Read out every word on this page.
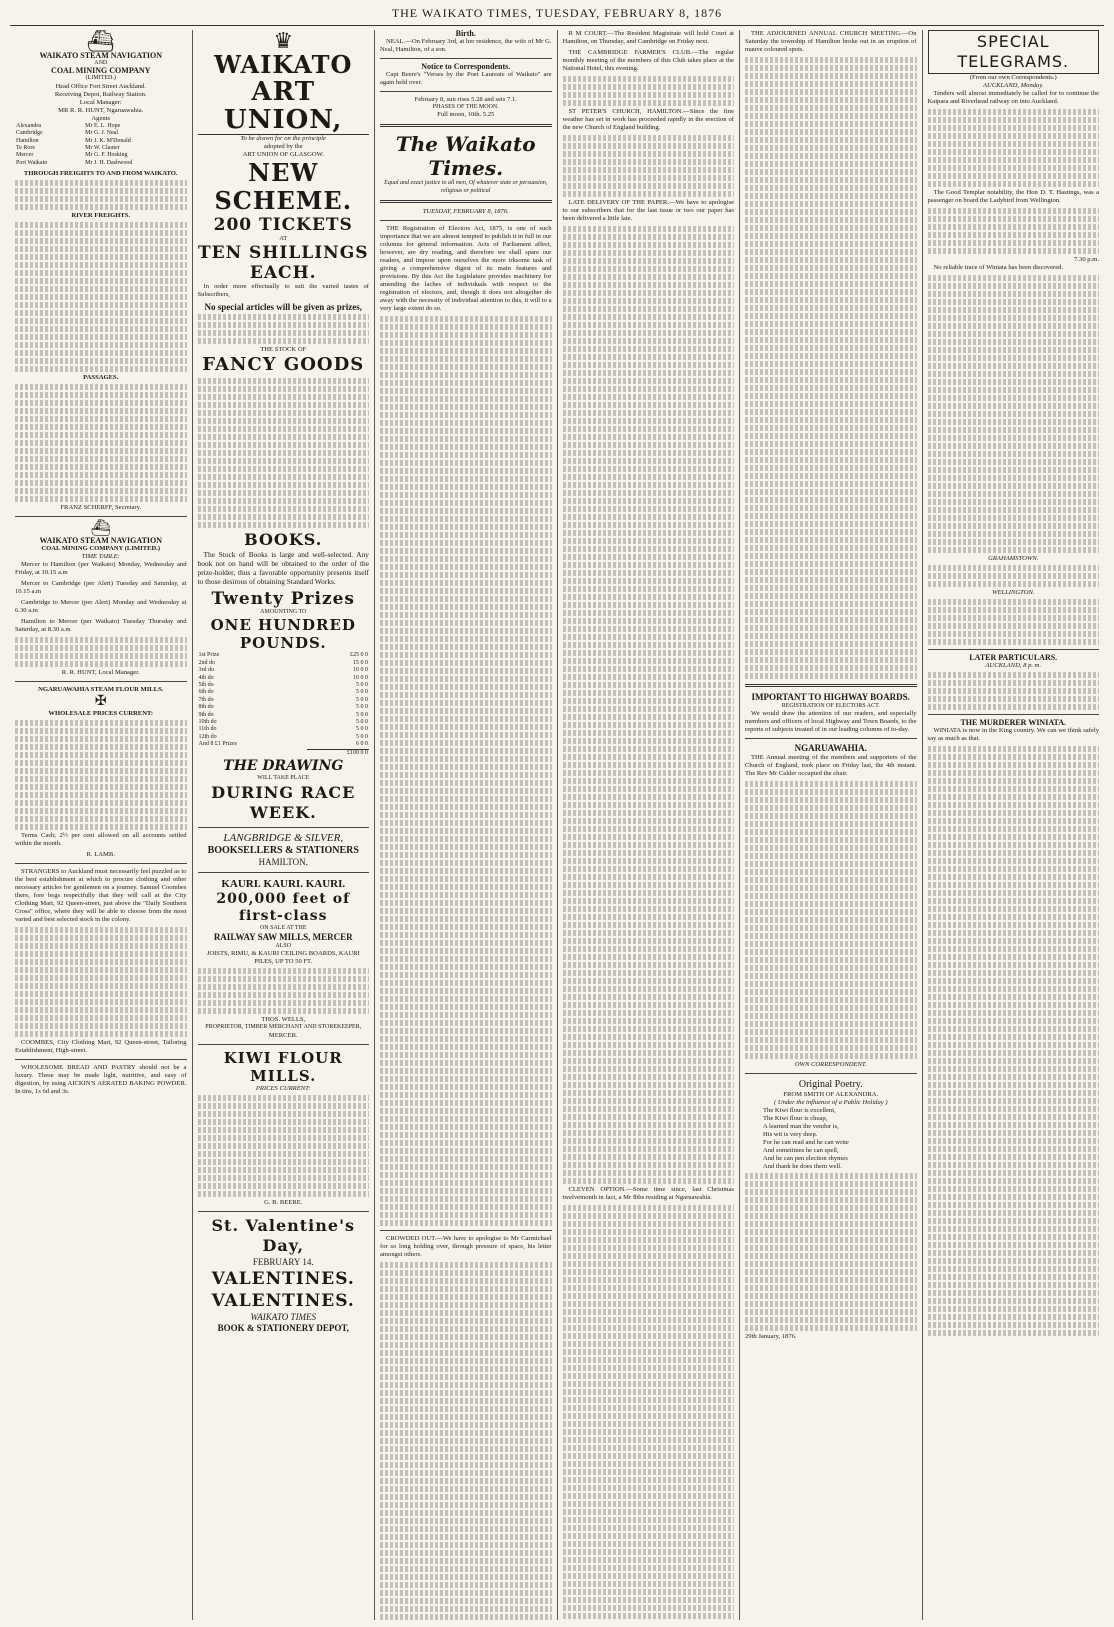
THE WAIKATO TIMES, TUESDAY, FEBRUARY 8, 1876
⛴
WAIKATO STEAM NAVIGATION
AND
COAL MINING COMPANY
(LIMITED.)
Head Office Fort Street Auckland.
Receiving Depot, Railway Station.
Local Manager:
MR R. R. HUNT, Ngaruawahia.
Agents
Alexandra	Mr E. L. Hope
Cambridge	Mr G. J. Neal
Hamilton	Mr J. K. M'Donald
Te Rore	Mr W. Clauter
Mercer	Mr G. F. Hosking
Port Waikato	Mr J. H. Dashwood
THROUGH FREIGHTS TO AND FROM WAIKATO.
RIVER FREIGHTS.
PASSAGES.
FRANZ SCHERFF, Secretary.
⛴
WAIKATO STEAM NAVIGATION
COAL MINING COMPANY (LIMITED.)
TIME TABLE:

Mercer to Hamilton (per Waikato) Monday, Wednesday and Friday, at 10.15 a.m

Mercer to Cambridge (per Alert) Tuesday and Saturday, at 10.15 a.m

Cambridge to Mercer (per Alert) Monday and Wednesday at 6.30 a.m

Hamilton to Mercer (per Waikato) Tuesday Thursday and Saturday, at 8.30 a.m

R. R. HUNT, Local Manager.
NGARUAWAHIA STEAM FLOUR MILLS.
✠
WHOLESALE PRICES CURRENT:

Terms Cash; 2½ per cent allowed on all accounts settled within the month.

R. LAMB.

STRANGERS to Auckland must necessarily feel puzzled as to the best establishment at which to procure clothing and other necessary articles for gentlemen on a journey. Samuel Coombes there, fore begs respectfully that they will call at the City Clothing Mart, 92 Queen-street, just above the "Daily Southern Cross" office, where they will be able to choose from the most varied and best selected stock in the colony.

COOMBES, City Clothing Mart, 92 Queen-street, Tailoring Establishment, High-street.

WHOLESOME BREAD AND PASTRY should not be a luxury. These may be made light, nutritive, and easy of digestion, by using AICKIN'S AERATED BAKING POWDER. In tins, 1s 6d and 3s.

♛
WAIKATO
ART UNION,
To be drawn for on the principle
adopted by the
ART UNION OF GLASGOW.
NEW SCHEME.
200 TICKETS
AT
TEN SHILLINGS EACH.

In order more effectually to suit the varied tastes of Subscribers,

No special articles will be given as prizes,
THE STOCK OF
FANCY GOODS
BOOKS.

The Stock of Books is large and well-selected. Any book not on hand will be obtained to the order of the prize-holder, thus a favorable opportunity presents itself to those desirous of obtaining Standard Works.

Twenty Prizes
AMOUNTING TO
ONE HUNDRED POUNDS.
1st Prize	£25 0 0
2nd do	15 0 0
3rd do	10 0 0
4th do	10 0 0
5th do	5 0 0
6th do	5 0 0
7th do	5 0 0
8th do	5 0 0
9th do	5 0 0
10th do	5 0 0
11th do	5 0 0
12th do	5 0 0
And 8 £1 Prizes	6 0 0
	£100 0 0
THE DRAWING
WILL TAKE PLACE
DURING RACE WEEK.
LANGBRIDGE & SILVER,
BOOKSELLERS & STATIONERS
HAMILTON.
KAURI. KAURI. KAURI.
200,000 feet of first-class
ON SALE AT THE
RAILWAY SAW MILLS, MERCER
ALSO
JOISTS, RIMU, & KAURI CEILING BOARDS, KAURI PILES, UP TO 50 FT.
THOS. WELLS,
PROPRIETOR, TIMBER MERCHANT AND STOREKEEPER,
MERCER.
KIWI FLOUR MILLS.
PRICES CURRENT:
G. B. BEERE.
St. Valentine's Day,
FEBRUARY 14.
VALENTINES.
VALENTINES.
WAIKATO TIMES
BOOK & STATIONERY DEPOT,
Birth.

NEAL.—On February 3rd, at her residence, the wife of Mr G. Neal, Hamilton, of a son.

Notice to Correspondents.

Capt Beere's "Verses by the Poet Laureate of Waikato" are again held over.

February 8, sun rises 5.28 and sets 7.1.
PHASES OF THE MOON.
Full moon, 10th. 5.25
The Waikato Times.
Equal and exact justice to all men, Of whatever state or persuasion, religious or political
TUESDAY, FEBRUARY 8, 1876.

THE Registration of Electors Act, 1875, is one of such importance that we are almost tempted to publish it in full in our columns for general information. Acts of Parliament affect, however, are dry reading, and therefore we shall spare our readers, and impose upon ourselves the more irksome task of giving a comprehensive digest of its main features and provisions. By this Act the Legislature provides machinery for amending the laches of individuals with respect to the registration of electors, and, though it does not altogether do away with the necessity of individual attention to this, it will to a very large extent do so.

CROWDED OUT.—We have to apologise to Mr Carmichael for so long holding over, through pressure of space, his letter amongst others.

R M COURT.—The Resident Magistrate will hold Court at Hamilton, on Thursday, and Cambridge on Friday next.

THE CAMBRIDGE FARMER'S CLUB.—The regular monthly meeting of the members of this Club takes place at the National Hotel, this evening.

ST PETER'S CHURCH, HAMILTON.—Since the fine weather has set in work has proceeded rapidly in the erection of the new Church of England building.

LATE DELIVERY OF THE PAPER.—We have to apologise to our subscribers that for the last issue or two our paper has been delivered a little late.

CLEVEN OPTION.—Some time since, last Christmas twelvemonth in fact, a Mr Ibbs residing at Ngaruawahia.

THE ADJOURNED ANNUAL CHURCH MEETING.—On Saturday the township of Hamilton broke out in an eruption of mauve coloured spots.

IMPORTANT TO HIGHWAY BOARDS.
REGISTRATION OF ELECTORS ACT.

We would draw the attention of our readers, and especially members and officers of local Highway and Town Boards, to the reports of subjects treated of in our leading columns of to-day.

NGARUAWAHIA.

THE Annual meeting of the members and supporters of the Church of England, took place on Friday last, the 4th instant. The Rev Mr Calder occupied the chair.

OWN CORRESPONDENT.
Original Poetry.
FROM SMITH OF ALEXANDRA.
( Under the influence of a Public Holiday )
The Kiwi flour is excellent,
The Kiwi flour is cheap,
A learned man the vendor is,
His wit is very deep.
For he can read and he can write
And sometimes he can spell,
And he can pen election rhymes
And thank he does them well.
29th January, 1876.
SPECIAL TELEGRAMS.
(From our own Correspondents.)
AUCKLAND, Monday.

Tenders will almost immediately be called for to continue the Kaipara and Riverhead railway on into Auckland.

The Good Templar notability, the Hon D. T. Hastings, was a passenger on board the Ladybird from Wellington.

7.30 p.m.

No reliable trace of Winiata has been discovered.

GRAHAMSTOWN.
WELLINGTON.
LATER PARTICULARS.
AUCKLAND, 8 p. m.
THE MURDERER WINIATA.

WINIATA is now in the King country. We can we think safely say as much as that.
